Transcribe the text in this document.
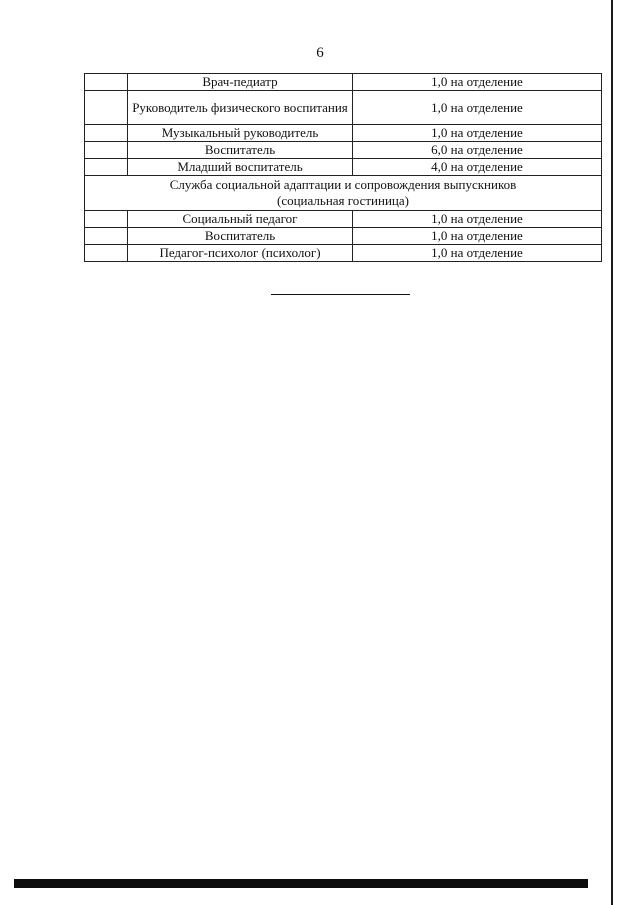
6
	Врач-педиатр	1,0 на отделение
	Руководитель физического воспитания	1,0 на отделение
	Музыкальный руководитель	1,0 на отделение
	Воспитатель	6,0 на отделение
	Младший воспитатель	4,0 на отделение

Служба социальной адаптации и сопровождения выпускников
(социальная гостиница)		

	Социальный педагог	1,0 на отделение
	Воспитатель	1,0 на отделение
	Педагог-психолог (психолог)	1,0 на отделение
